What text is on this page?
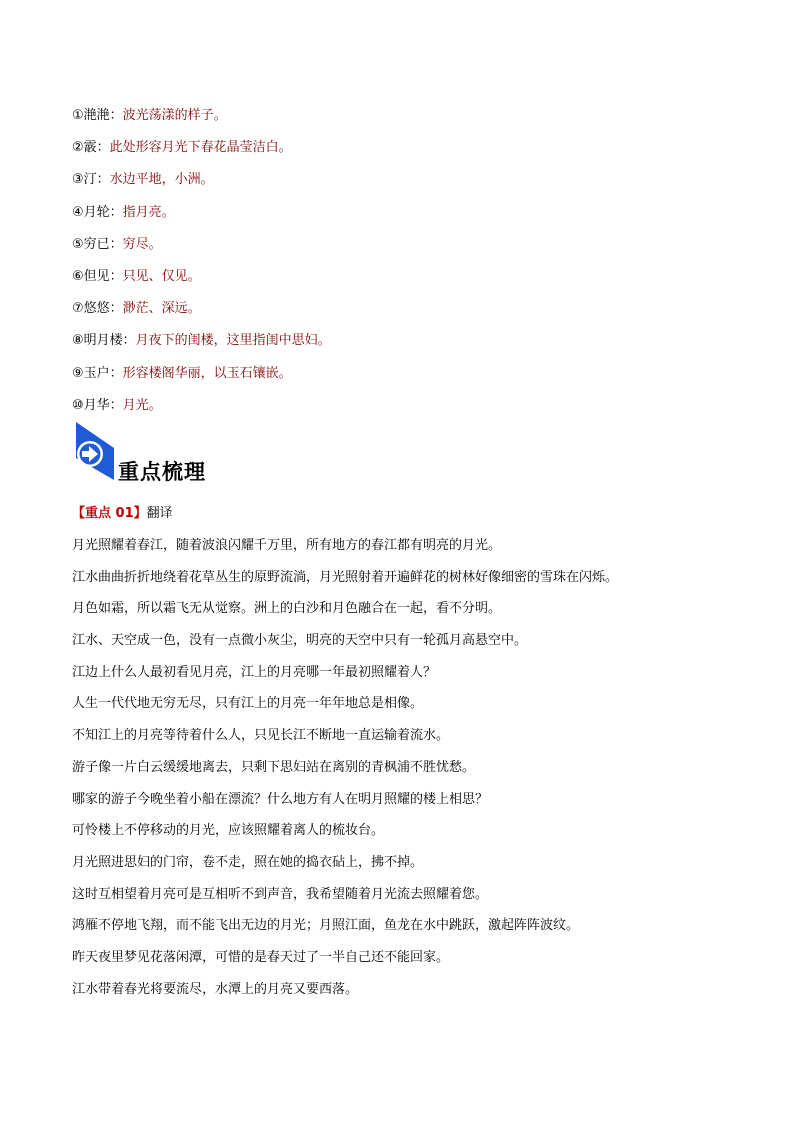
①滟滟：波光荡漾的样子。
②霰：此处形容月光下春花晶莹洁白。
③汀：水边平地，小洲。
④月轮：指月亮。
⑤穷已：穷尽。
⑥但见：只见、仅见。
⑦悠悠：渺茫、深远。
⑧明月楼：月夜下的闺楼，这里指闺中思妇。
⑨玉户：形容楼阁华丽，以玉石镶嵌。
⑩月华：月光。
重点梳理
【重点 01】翻译
月光照耀着春江，随着波浪闪耀千万里，所有地方的春江都有明亮的月光。
江水曲曲折折地绕着花草丛生的原野流淌，月光照射着开遍鲜花的树林好像细密的雪珠在闪烁。
月色如霜，所以霜飞无从觉察。洲上的白沙和月色融合在一起，看不分明。
江水、天空成一色，没有一点微小灰尘，明亮的天空中只有一轮孤月高悬空中。
江边上什么人最初看见月亮，江上的月亮哪一年最初照耀着人？
人生一代代地无穷无尽，只有江上的月亮一年年地总是相像。
不知江上的月亮等待着什么人，只见长江不断地一直运输着流水。
游子像一片白云缓缓地离去，只剩下思妇站在离别的青枫浦不胜忧愁。
哪家的游子今晚坐着小船在漂流？什么地方有人在明月照耀的楼上相思？
可怜楼上不停移动的月光，应该照耀着离人的梳妆台。
月光照进思妇的门帘，卷不走，照在她的捣衣砧上，拂不掉。
这时互相望着月亮可是互相听不到声音，我希望随着月光流去照耀着您。
鸿雁不停地飞翔，而不能飞出无边的月光；月照江面，鱼龙在水中跳跃，激起阵阵波纹。
昨天夜里梦见花落闲潭，可惜的是春天过了一半自己还不能回家。
江水带着春光将要流尽，水潭上的月亮又要西落。
